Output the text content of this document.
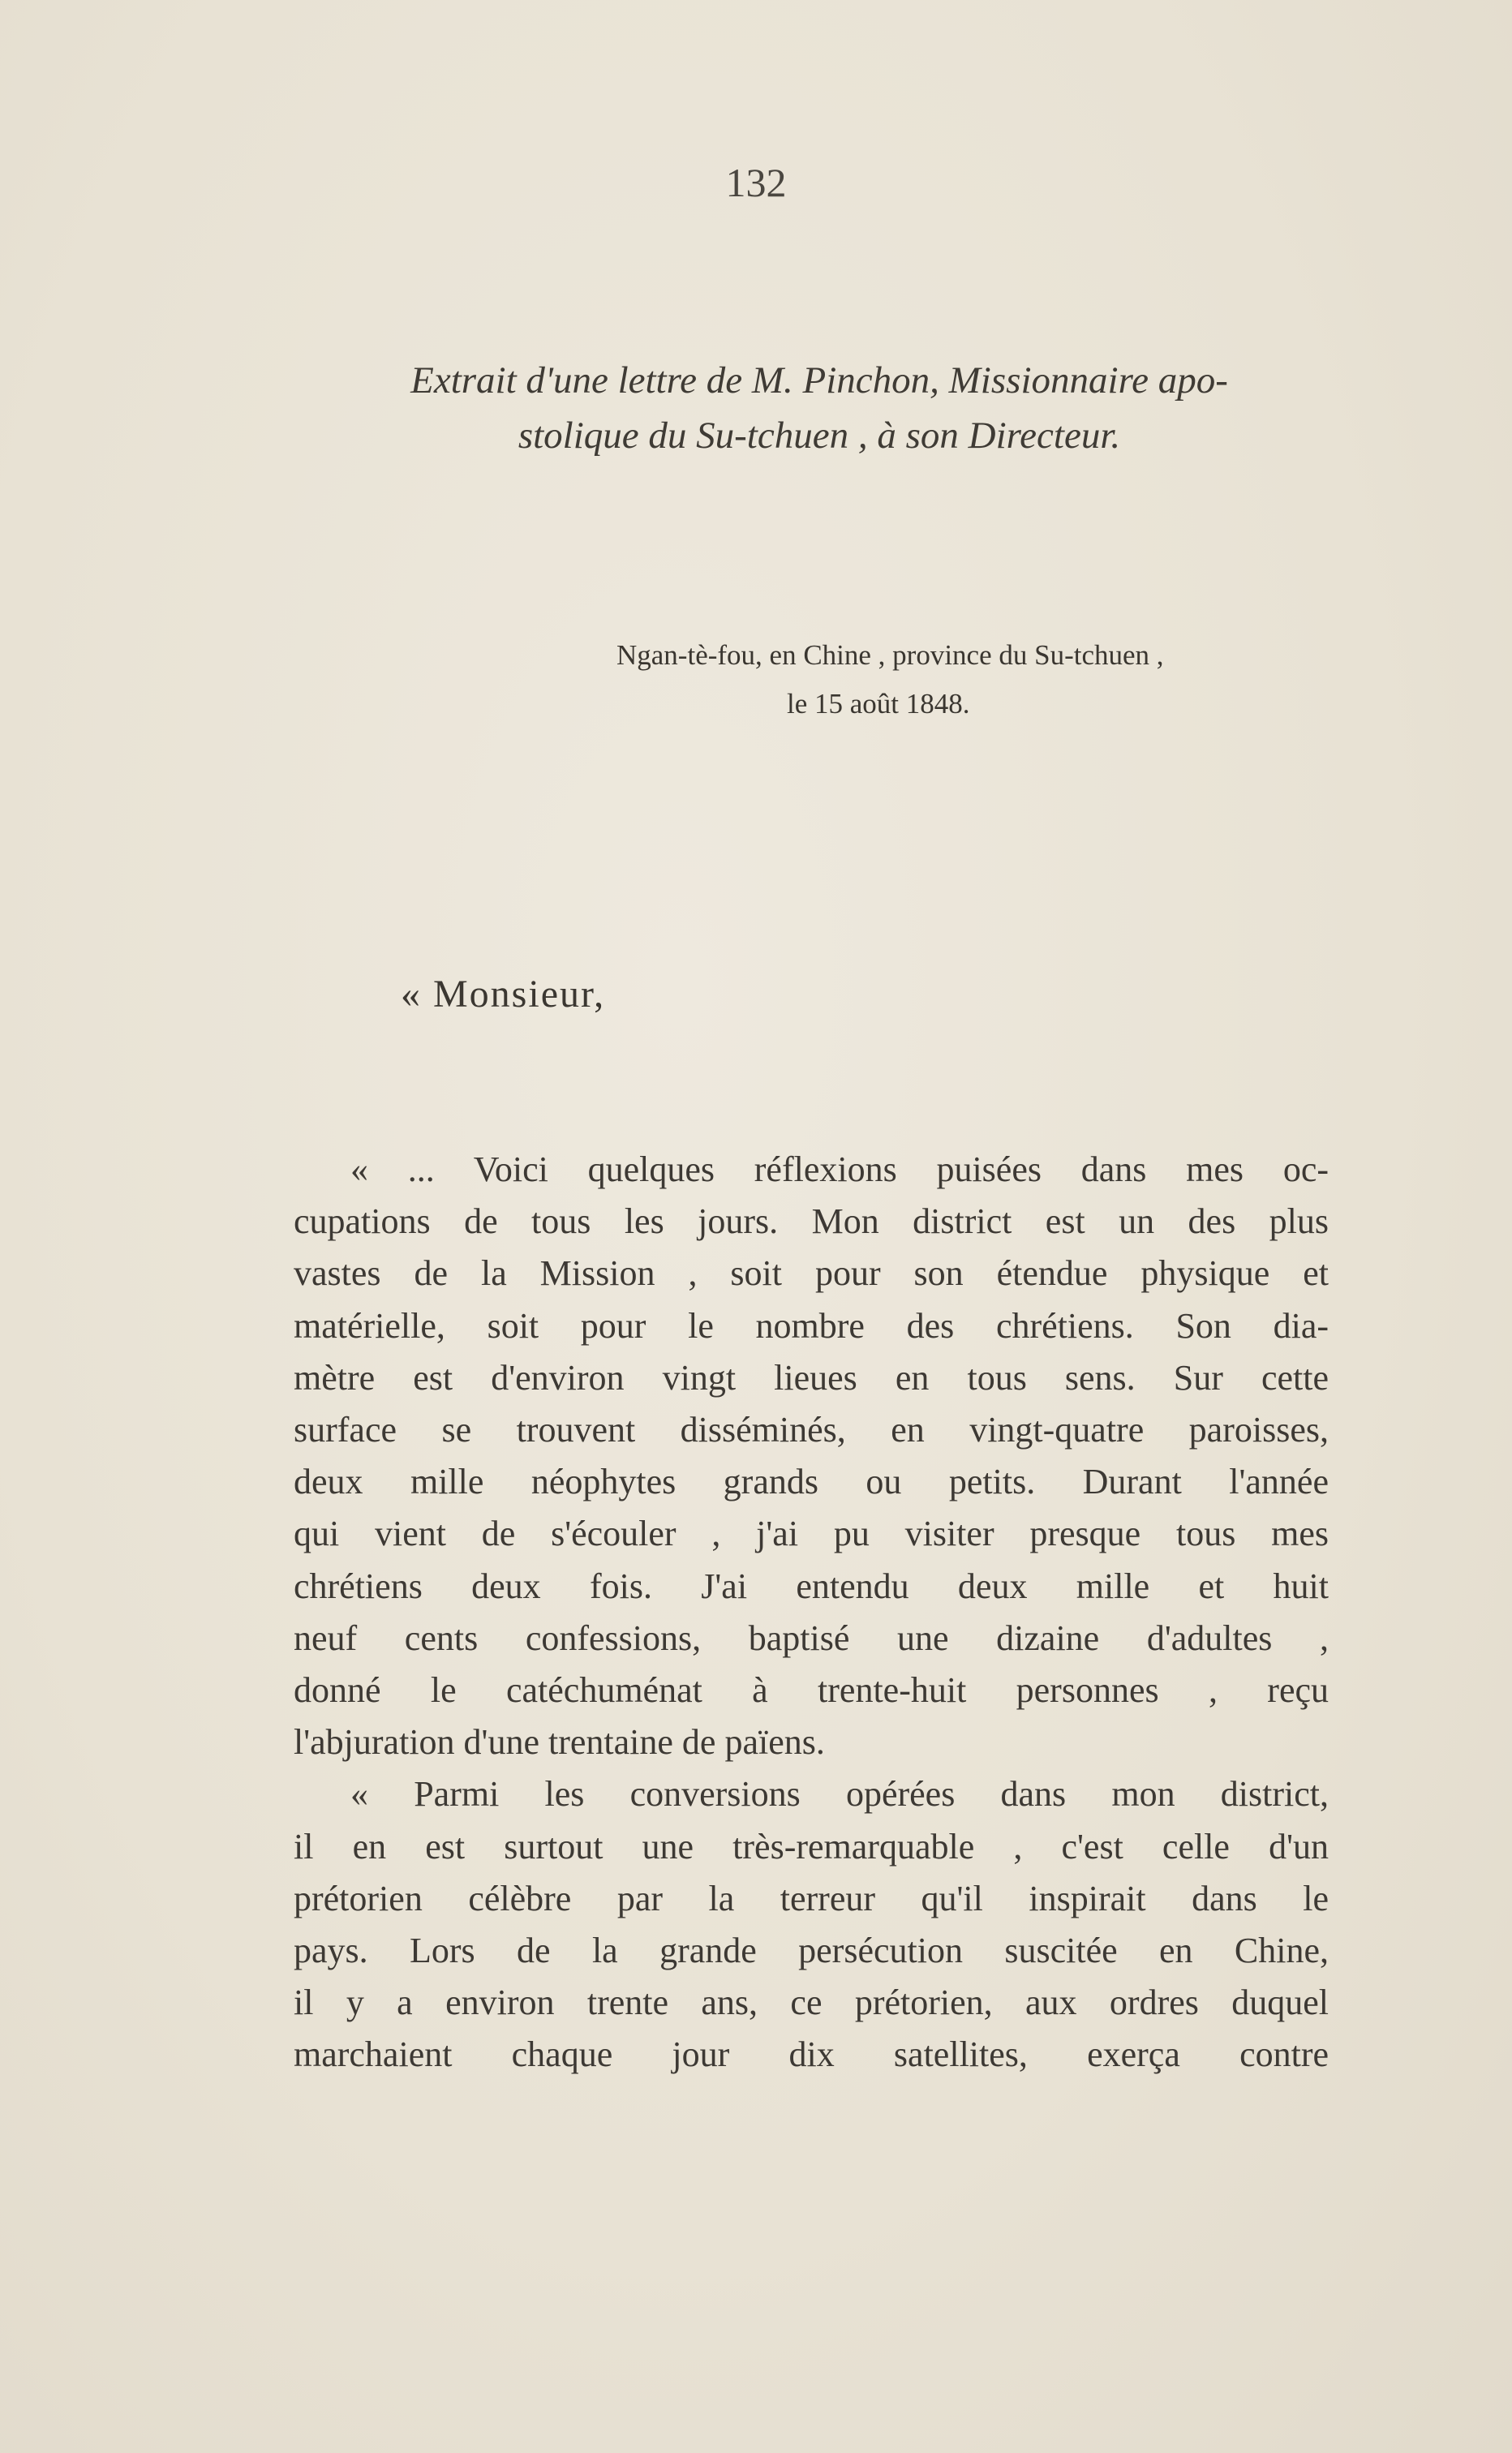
132
Extrait d'une lettre de M. Pinchon, Missionnaire apo-
stolique du Su-tchuen , à son Directeur.
Ngan-tè-fou, en Chine , province du Su-tchuen ,
le 15 août 1848.
« Monsieur,
« ... Voici quelques réflexions puisées dans mes oc-
cupations de tous les jours. Mon district est un des plus
vastes de la Mission , soit pour son étendue physique et
matérielle, soit pour le nombre des chrétiens. Son dia-
mètre est d'environ vingt lieues en tous sens. Sur cette
surface se trouvent disséminés, en vingt-quatre paroisses,
deux mille néophytes grands ou petits. Durant l'année
qui vient de s'écouler , j'ai pu visiter presque tous mes
chrétiens deux fois. J'ai entendu deux mille et huit
neuf cents confessions, baptisé une dizaine d'adultes ,
donné le catéchuménat à trente-huit personnes , reçu
l'abjuration d'une trentaine de païens.
« Parmi les conversions opérées dans mon district,
il en est surtout une très-remarquable , c'est celle d'un
prétorien célèbre par la terreur qu'il inspirait dans le
pays. Lors de la grande persécution suscitée en Chine,
il y a environ trente ans, ce prétorien, aux ordres duquel
marchaient chaque jour dix satellites, exerça contre
